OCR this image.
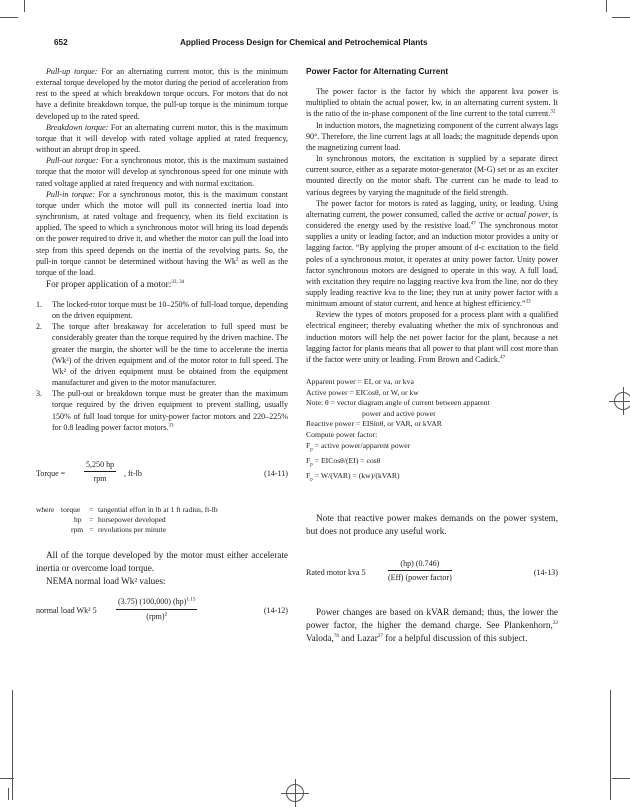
652	Applied Process Design for Chemical and Petrochemical Plants

Pull-up torque: For an alternating current motor, this is the minimum external torque developed by the motor during the period of acceleration from rest to the speed at which breakdown torque occurs. For motors that do not have a definite breakdown torque, the pull-up torque is the minimum torque developed up to the rated speed.

Breakdown torque: For an alternating current motor, this is the maximum torque that it will develop with rated voltage applied at rated frequency, without an abrupt drop in speed.

Pull-out torque: For a synchronous motor, this is the maximum sustained torque that the motor will develop at synchronous speed for one minute with rated voltage applied at rated frequency and with normal excitation.

Pull-in torque: For a synchronous motor, this is the maximum constant torque under which the motor will pull its connected inertia load into synchronism, at rated voltage and frequency, when its field excitation is applied. The speed to which a synchronous motor will bring its load depends on the power required to drive it, and whether the motor can pull the load into step from this speed depends on the inertia of the revolving parts. So, the pull-in torque cannot be determined without having the Wk$^2$ as well as the torque of the load.

For proper application of a motor:$^{33, 34}$

1. The locked-rotor torque must be 10–250% of full-load torque, depending on the driven equipment.
2. The torque after breakaway for acceleration to full speed must be considerably greater than the torque required by the driven machine. The greater the margin, the shorter will be the time to accelerate the inertia (Wk²) of the driven equipment and of the motor rotor to full speed. The Wk² of the driven equipment must be obtained from the equipment manufacturer and given to the motor manufacturer.
3. The pull-out or breakdown torque must be greater than the maximum torque required by the driven equipment to prevent stalling, usually 150% of full load torque for unity-power factor motors and 220–225% for 0.8 leading power factor motors.$^{33}$
Torque =
5,250 hp
rpm
, ft-lb	(14-11)
where torque = tangential effort in lb at 1 ft radius, ft-lb
hp = horsepower developed
rpm = revolutions per minute

All of the torque developed by the motor must either accelerate inertia or overcome load torque.

NEMA normal load Wk² values:

normal load Wk² 5
(3.75) (100,000) (hp)$^{1.15}$
(rpm)$^2$	(14-12)
Power Factor for Alternating Current

The power factor is the factor by which the apparent kva power is multiplied to obtain the actual power, kw, in an alternating current system. It is the ratio of the in-phase component of the line current to the total current.$^{32}$

In induction motors, the magnetizing component of the current always lags 90°. Therefore, the line current lags at all loads; the magnitude depends upon the magnetizing current load.

In synchronous motors, the excitation is supplied by a separate direct current source, either as a separate motor-generator (M-G) set or as an exciter mounted directly on the motor shaft. The current can be made to lead to various degrees by varying the magnitude of the field strength.

The power factor for motors is rated as lagging, unity, or leading. Using alternating current, the power consumed, called the active or actual power, is considered the energy used by the resistive load.$^{47}$ The synchronous motor supplies a unity or leading factor, and an induction motor provides a unity or lagging factor. “By applying the proper amount of d-c excitation to the field poles of a synchronous motor, it operates at unity power factor. Unity power factor synchronous motors are designed to operate in this way. A full load, with excitation they require no lagging reactive kva from the line, nor do they supply leading reactive kva to the line; they run at unity power factor with a minimum amount of stator current, and hence at highest efficiency.”$^{33}$

Review the types of motors proposed for a process plant with a qualified electrical engineer; thereby evaluating whether the mix of synchronous and induction motors will help the net power factor for the plant, because a net lagging factor for plants means that all power to that plant will cost more than if the factor were unity or leading. From Brown and Cadick.$^{47}$

Apparent power = EI, or va, or kva
Active power = EICosθ, or W, or kw
Note: θ = vector diagram angle of current between apparent
power and active power
Reactive power = EISinθ, or VAR, or kVAR
Compute power factor:
$F_p$ = active power/apparent power
$F_p$ = EICosθ/(EI) = cosθ
$F_p = W/(VAR)$ = (kw)/(kVAR)

Note that reactive power makes demands on the power system, but does not produce any useful work.

Rated motor kva 5
(hp) (0.746)
(Eff) (power factor)
(14-13)

Power changes are based on kVAR demand; thus, the lower the power factor, the higher the demand charge. See Plankenhorn,$^{22}$ Valoda,$^{78}$ and Lazar$^{27}$ for a helpful discussion of this subject.
